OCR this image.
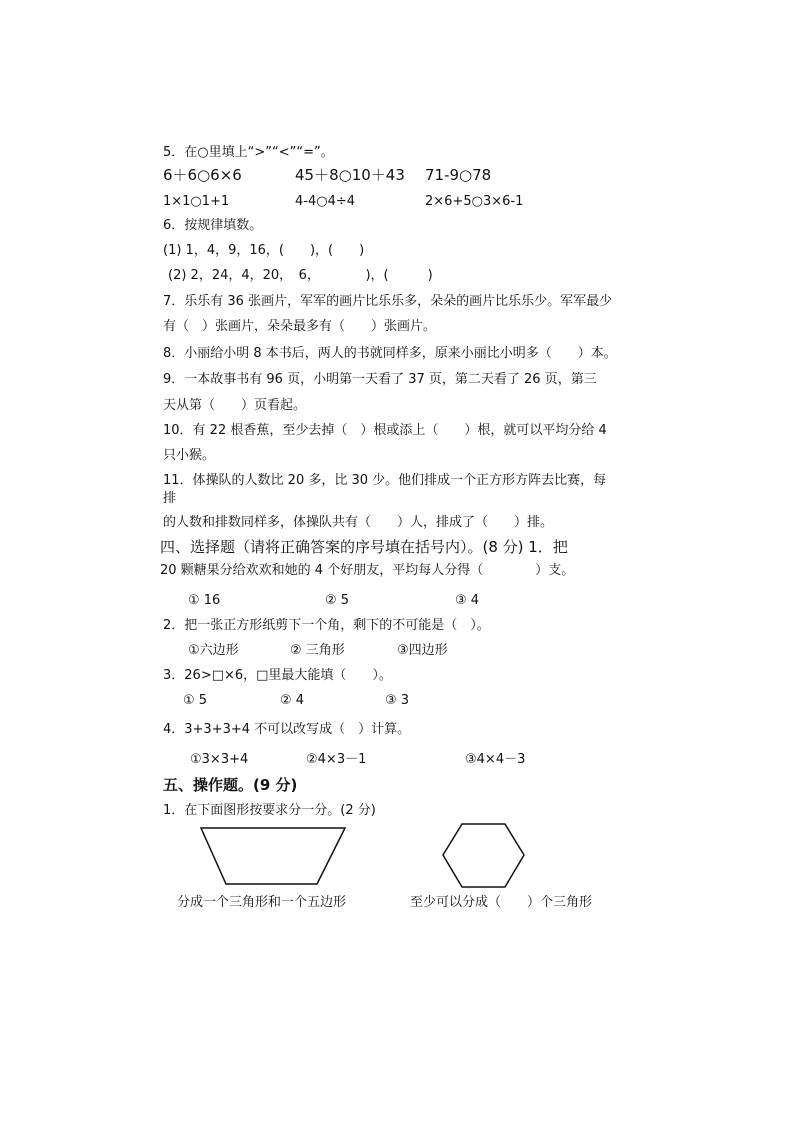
5．在○里填上“>”“<”“=”。
6＋6○6×6	45＋8○10＋43 71-9○78
1×1○1+1	4-4○4÷4	2×6+5○3×6-1
6．按规律填数。
(1) 1，4，9，16，(　　)，(　　)
(2) 2，24，4，20，　6，　　　　)，(　　　)
7．乐乐有 36 张画片，军军的画片比乐乐多，朵朵的画片比乐乐少。军军最少
有（　）张画片，朵朵最多有（　　）张画片。
8．小丽给小明 8 本书后，两人的书就同样多，原来小丽比小明多（　　）本。
9．一本故事书有 96 页，小明第一天看了 37 页，第二天看了 26 页，第三
天从第（　　）页看起。
10．有 22 根香蕉，至少去掉（　）根或添上（　　）根，就可以平均分给 4
只小猴。
11．体操队的人数比 20 多，比 30 少。他们排成一个正方形方阵去比赛，每
排
的人数和排数同样多，体操队共有（　　）人，排成了（　　）排。
四、选择题（请将正确答案的序号填在括号内）。(8 分) 1．把
20 颗糖果分给欢欢和她的 4 个好朋友，平均每人分得（　　　　）支。
① 16	② 5	③ 4
2．把一张正方形纸剪下一个角，剩下的不可能是（　）。
①六边形	② 三角形	③四边形
3．26>□×6，□里最大能填（　　）。
① 5	② 4	③ 3
4．3+3+3+4 不可以改写成（　）计算。
①3×3+4	②4×3－1	③4×4－3
五、操作题。(9 分)
1．在下面图形按要求分一分。(2 分)
分成一个三角形和一个五边形	至少可以分成（　　）个三角形
